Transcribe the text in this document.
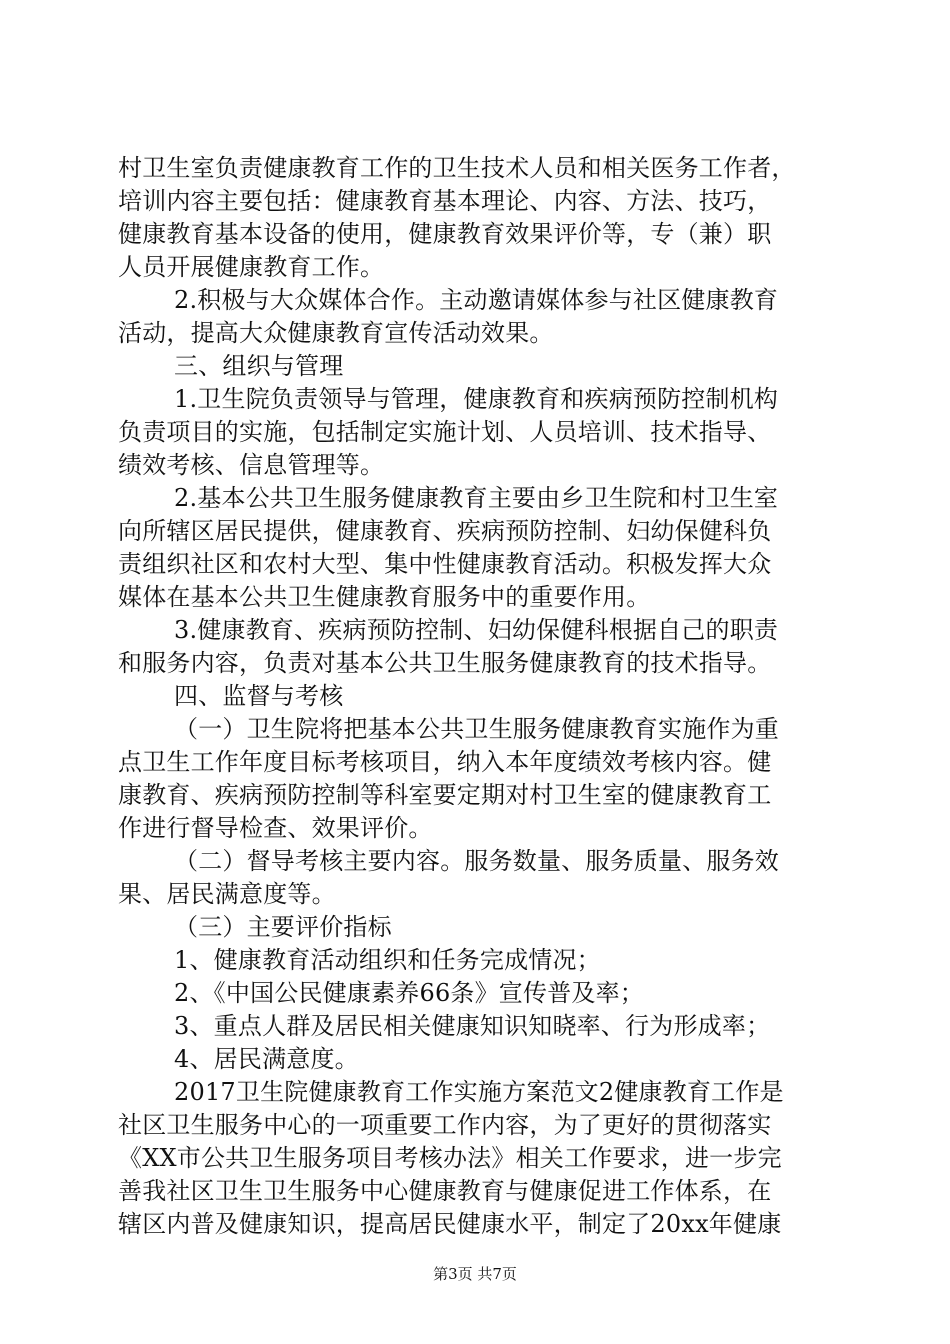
村卫生室负责健康教育工作的卫生技术人员和相关医务工作者，
培训内容主要包括：健康教育基本理论、内容、方法、技巧，
健康教育基本设备的使用，健康教育效果评价等，专（兼）职
人员开展健康教育工作。
2.积极与大众媒体合作。主动邀请媒体参与社区健康教育
活动，提高大众健康教育宣传活动效果。
三、组织与管理
1.卫生院负责领导与管理，健康教育和疾病预防控制机构
负责项目的实施，包括制定实施计划、人员培训、技术指导、
绩效考核、信息管理等。
2.基本公共卫生服务健康教育主要由乡卫生院和村卫生室
向所辖区居民提供，健康教育、疾病预防控制、妇幼保健科负
责组织社区和农村大型、集中性健康教育活动。积极发挥大众
媒体在基本公共卫生健康教育服务中的重要作用。
3.健康教育、疾病预防控制、妇幼保健科根据自己的职责
和服务内容，负责对基本公共卫生服务健康教育的技术指导。
四、监督与考核
（一）卫生院将把基本公共卫生服务健康教育实施作为重
点卫生工作年度目标考核项目，纳入本年度绩效考核内容。健
康教育、疾病预防控制等科室要定期对村卫生室的健康教育工
作进行督导检查、效果评价。
（二）督导考核主要内容。服务数量、服务质量、服务效
果、居民满意度等。
（三）主要评价指标
1、健康教育活动组织和任务完成情况；
2、《中国公民健康素养66条》宣传普及率；
3、重点人群及居民相关健康知识知晓率、行为形成率；
4、居民满意度。
2017卫生院健康教育工作实施方案范文2健康教育工作是
社区卫生服务中心的一项重要工作内容，为了更好的贯彻落实
《XX市公共卫生服务项目考核办法》相关工作要求，进一步完
善我社区卫生卫生服务中心健康教育与健康促进工作体系，在
辖区内普及健康知识，提高居民健康水平，制定了20xx年健康
第3页 共7页
